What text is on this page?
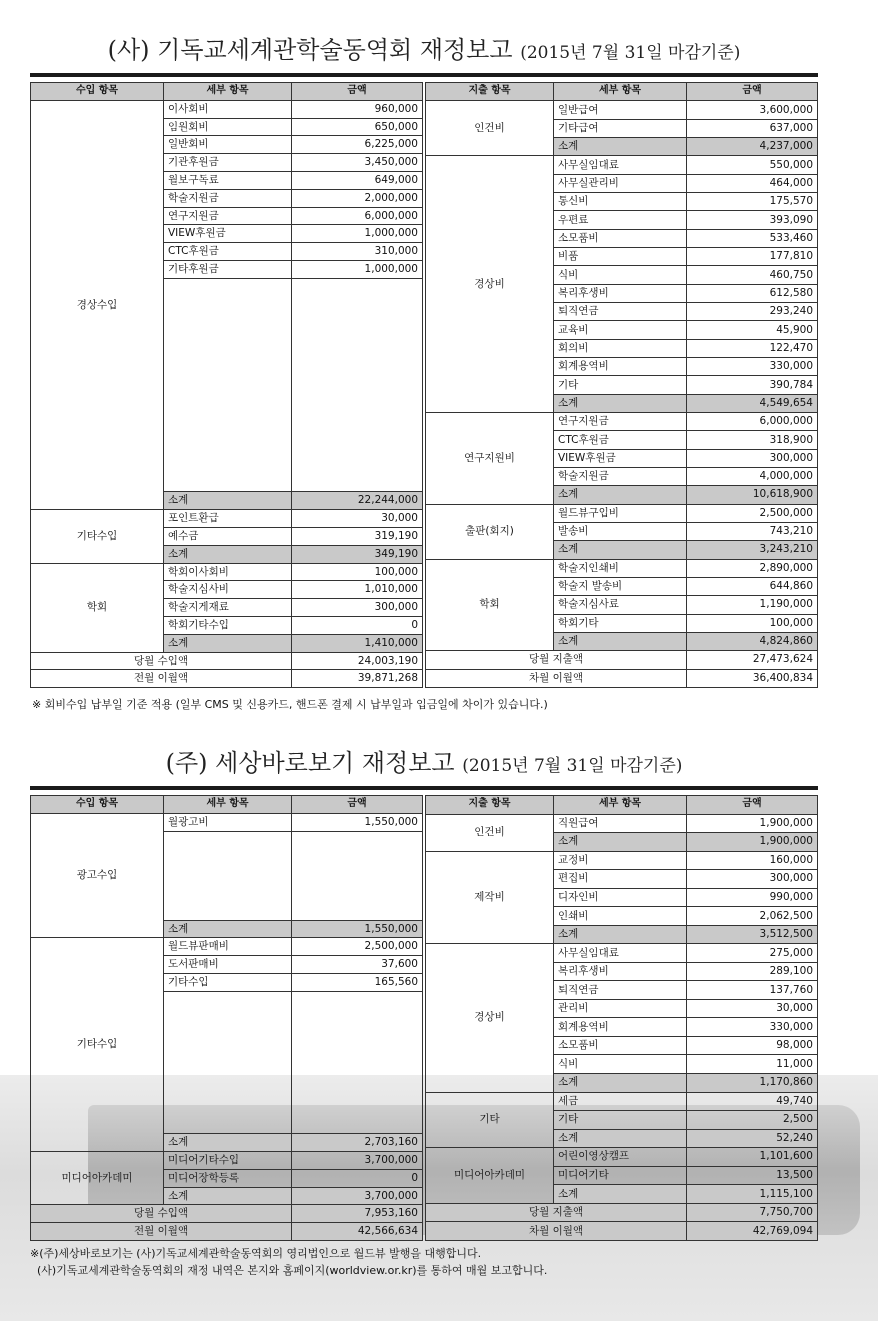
(사) 기독교세계관학술동역회 재정보고 (2015년 7월 31일 마감기준)
수입 항목	세부 항목	금액
경상수입	이사회비	960,000
	임원회비	650,000
	일반회비	6,225,000
	기관후원금	3,450,000
	월보구독료	649,000
	학술지원금	2,000,000
	연구지원금	6,000,000
	VIEW후원금	1,000,000
	CTC후원금	310,000
	기타후원금	1,000,000

	소계	22,244,000
기타수입	포인트환급	30,000
	예수금	319,190
	소계	349,190
학회	학회이사회비	100,000
	학술지심사비	1,010,000
	학술지게재료	300,000
	학회기타수입	0
	소계	1,410,000
당월 수입액		24,003,190
전월 이월액		39,871,268
지출 항목	세부 항목	금액
인건비	일반급여	3,600,000
	기타급여	637,000
	소계	4,237,000
경상비	사무실임대료	550,000
	사무실관리비	464,000
	통신비	175,570
	우편료	393,090
	소모품비	533,460
	비품	177,810
	식비	460,750
	복리후생비	612,580
	퇴직연금	293,240
	교육비	45,900
	회의비	122,470
	회계용역비	330,000
	기타	390,784
	소계	4,549,654
연구지원비	연구지원금	6,000,000
	CTC후원금	318,900
	VIEW후원금	300,000
	학술지원금	4,000,000
	소계	10,618,900
출판(회지)	월드뷰구입비	2,500,000
	발송비	743,210
	소계	3,243,210
학회	학술지인쇄비	2,890,000
	학술지 발송비	644,860
	학술지심사료	1,190,000
	학회기타	100,000
	소계	4,824,860
당월 지출액		27,473,624
차월 이월액		36,400,834
※ 회비수입 납부일 기준 적용 (일부 CMS 및 신용카드, 핸드폰 결제 시 납부일과 입금일에 차이가 있습니다.)
(주) 세상바로보기 재정보고 (2015년 7월 31일 마감기준)
수입 항목	세부 항목	금액
광고수입	월광고비	1,550,000

	소계	1,550,000
기타수입	월드뷰판매비	2,500,000
	도서판매비	37,600
	기타수입	165,560

	소계	2,703,160
미디어아카데미	미디어기타수입	3,700,000
	미디어장학등록	0
	소계	3,700,000
당월 수입액		7,953,160
전월 이월액		42,566,634
지출 항목	세부 항목	금액
인건비	직원급여	1,900,000
	소계	1,900,000
제작비	교정비	160,000
	편집비	300,000
	디자인비	990,000
	인쇄비	2,062,500
	소계	3,512,500
경상비	사무실임대료	275,000
	복리후생비	289,100
	퇴직연금	137,760
	관리비	30,000
	회계용역비	330,000
	소모품비	98,000
	식비	11,000
	소계	1,170,860
기타	세금	49,740
	기타	2,500
	소계	52,240
미디어아카데미	어린이영상캠프	1,101,600
	미디어기타	13,500
	소계	1,115,100
당월 지출액		7,750,700
차월 이월액		42,769,094
※(주)세상바로보기는 (사)기독교세계관학술동역회의 영리법인으로 월드뷰 발행을 대행합니다.
(사)기독교세계관학술동역회의 재정 내역은 본지와 홈페이지(worldview.or.kr)를 통하여 매월 보고합니다.
